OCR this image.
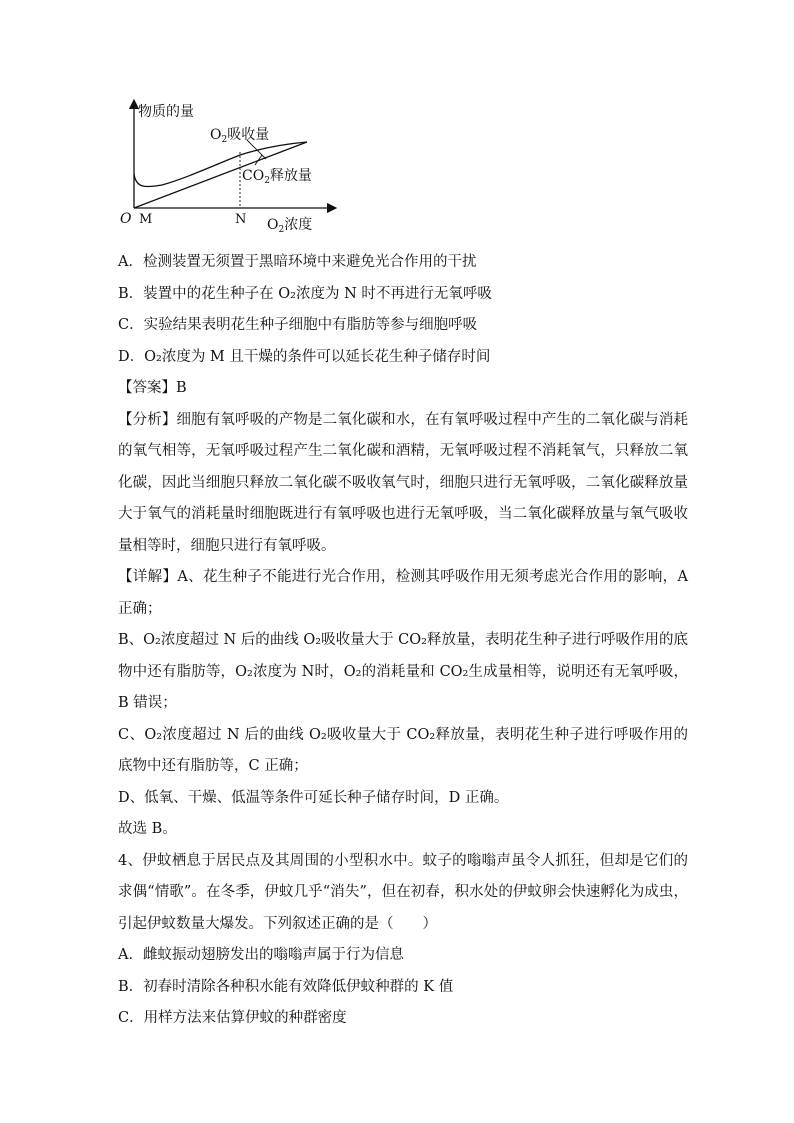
物质的量
O M	N $O_2$浓度
$O_2$吸收量
$CO_2$释放量
A．检测装置无须置于黑暗环境中来避免光合作用的干扰
B．装置中的花生种子在 O₂浓度为 N 时不再进行无氧呼吸
C．实验结果表明花生种子细胞中有脂肪等参与细胞呼吸
D．O₂浓度为 M 且干燥的条件可以延长花生种子储存时间
【答案】B
【分析】细胞有氧呼吸的产物是二氧化碳和水，在有氧呼吸过程中产生的二氧化碳与消耗的氧气相等，无氧呼吸过程产生二氧化碳和酒精，无氧呼吸过程不消耗氧气，只释放二氧化碳，因此当细胞只释放二氧化碳不吸收氧气时，细胞只进行无氧呼吸，二氧化碳释放量大于氧气的消耗量时细胞既进行有氧呼吸也进行无氧呼吸，当二氧化碳释放量与氧气吸收量相等时，细胞只进行有氧呼吸。
【详解】A、花生种子不能进行光合作用，检测其呼吸作用无须考虑光合作用的影响，A 正确；
B、O₂浓度超过 N 后的曲线 O₂吸收量大于 CO₂释放量，表明花生种子进行呼吸作用的底物中还有脂肪等，O₂浓度为 N时，O₂的消耗量和 CO₂生成量相等，说明还有无氧呼吸，B 错误；
C、O₂浓度超过 N 后的曲线 O₂吸收量大于 CO₂释放量，表明花生种子进行呼吸作用的底物中还有脂肪等，C 正确；
D、低氧、干燥、低温等条件可延长种子储存时间，D 正确。
故选 B。
4、伊蚊栖息于居民点及其周围的小型积水中。蚊子的嗡嗡声虽令人抓狂，但却是它们的求偶“情歌”。在冬季，伊蚊几乎“消失”，但在初春，积水处的伊蚊卵会快速孵化为成虫，引起伊蚊数量大爆发。下列叙述正确的是（　　）
A．雌蚊振动翅膀发出的嗡嗡声属于行为信息
B．初春时清除各种积水能有效降低伊蚊种群的 K 值
C．用样方法来估算伊蚊的种群密度
